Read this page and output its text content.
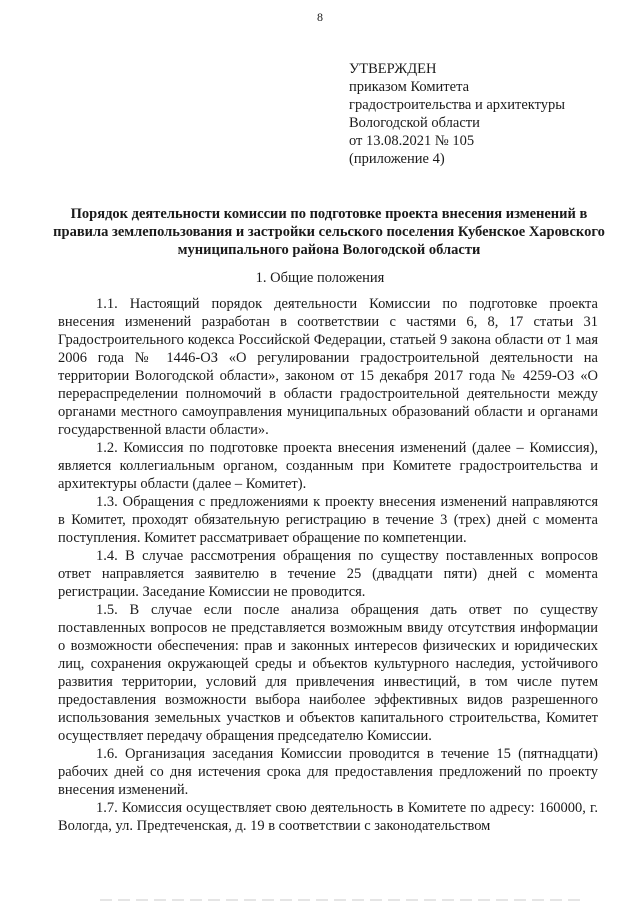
8
УТВЕРЖДЕН
приказом Комитета
градостроительства и архитектуры
Вологодской области
от 13.08.2021 № 105
(приложение 4)
Порядок деятельности комиссии по подготовке проекта внесения изменений в правила землепользования и застройки сельского поселения Кубенское Харовского муниципального района Вологодской области
1. Общие положения

1.1. Настоящий порядок деятельности Комиссии по подготовке проекта внесения изменений разработан в соответствии с частями 6, 8, 17 статьи 31 Градостроительного кодекса Российской Федерации, статьей 9 закона области от 1 мая 2006 года № 1446-ОЗ «О регулировании градостроительной деятельности на территории Вологодской области», законом от 15 декабря 2017 года № 4259-ОЗ «О перераспределении полномочий в области градостроительной деятельности между органами местного самоуправления муниципальных образований области и органами государственной власти области».

1.2. Комиссия по подготовке проекта внесения изменений (далее – Комиссия), является коллегиальным органом, созданным при Комитете градостроительства и архитектуры области (далее – Комитет).

1.3. Обращения с предложениями к проекту внесения изменений направляются в Комитет, проходят обязательную регистрацию в течение 3 (трех) дней с момента поступления. Комитет рассматривает обращение по компетенции.

1.4. В случае рассмотрения обращения по существу поставленных вопросов ответ направляется заявителю в течение 25 (двадцати пяти) дней с момента регистрации. Заседание Комиссии не проводится.

1.5. В случае если после анализа обращения дать ответ по существу поставленных вопросов не представляется возможным ввиду отсутствия информации о возможности обеспечения: прав и законных интересов физических и юридических лиц, сохранения окружающей среды и объектов культурного наследия, устойчивого развития территории, условий для привлечения инвестиций, в том числе путем предоставления возможности выбора наиболее эффективных видов разрешенного использования земельных участков и объектов капитального строительства, Комитет осуществляет передачу обращения председателю Комиссии.

1.6. Организация заседания Комиссии проводится в течение 15 (пятнадцати) рабочих дней со дня истечения срока для предоставления предложений по проекту внесения изменений.

1.7. Комиссия осуществляет свою деятельность в Комитете по адресу: 160000, г. Вологда, ул. Предтеченская, д. 19 в соответствии с законодательством
